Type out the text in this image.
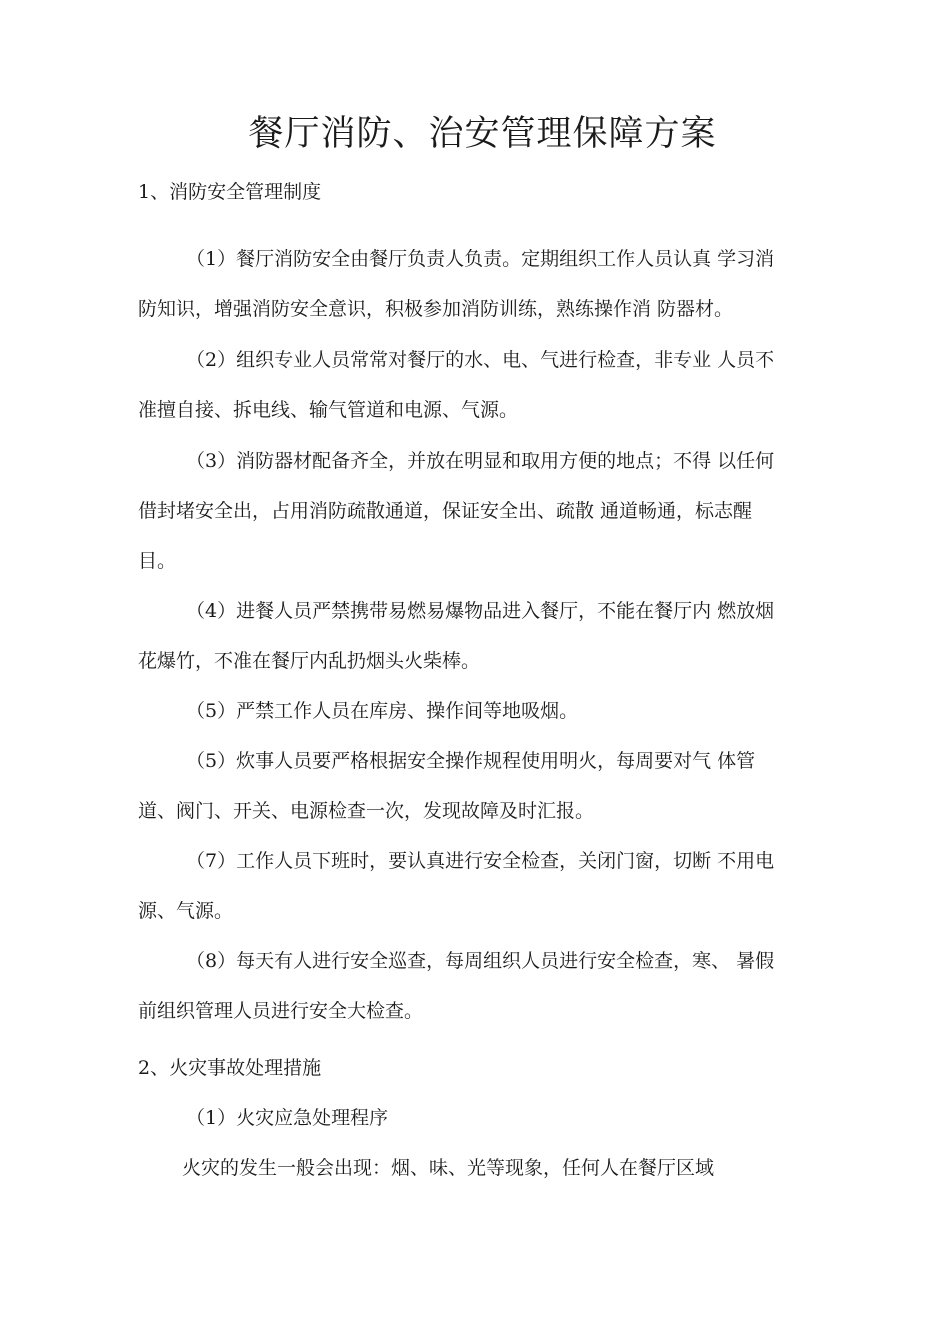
餐厅消防、治安管理保障方案
1、消防安全管理制度
（1）餐厅消防安全由餐厅负责人负责。定期组织工作人员认真 学习消
防知识，增强消防安全意识，积极参加消防训练，熟练操作消 防器材。
（2）组织专业人员常常对餐厅的水、电、气进行检查，非专业 人员不
准擅自接、拆电线、输气管道和电源、气源。
（3）消防器材配备齐全，并放在明显和取用方便的地点；不得 以任何
借封堵安全出，占用消防疏散通道，保证安全出、疏散 通道畅通，标志醒
目。
（4）进餐人员严禁携带易燃易爆物品进入餐厅，不能在餐厅内 燃放烟
花爆竹，不准在餐厅内乱扔烟头火柴棒。
（5）严禁工作人员在库房、操作间等地吸烟。
（5）炊事人员要严格根据安全操作规程使用明火，每周要对气 体管
道、阀门、开关、电源检查一次，发现故障及时汇报。
（7）工作人员下班时，要认真进行安全检查，关闭门窗，切断 不用电
源、气源。
（8）每天有人进行安全巡查，每周组织人员进行安全检查，寒、 暑假
前组织管理人员进行安全大检查。
2、火灾事故处理措施
（1）火灾应急处理程序
火灾的发生一般会出现：烟、味、光等现象，任何人在餐厅区域
